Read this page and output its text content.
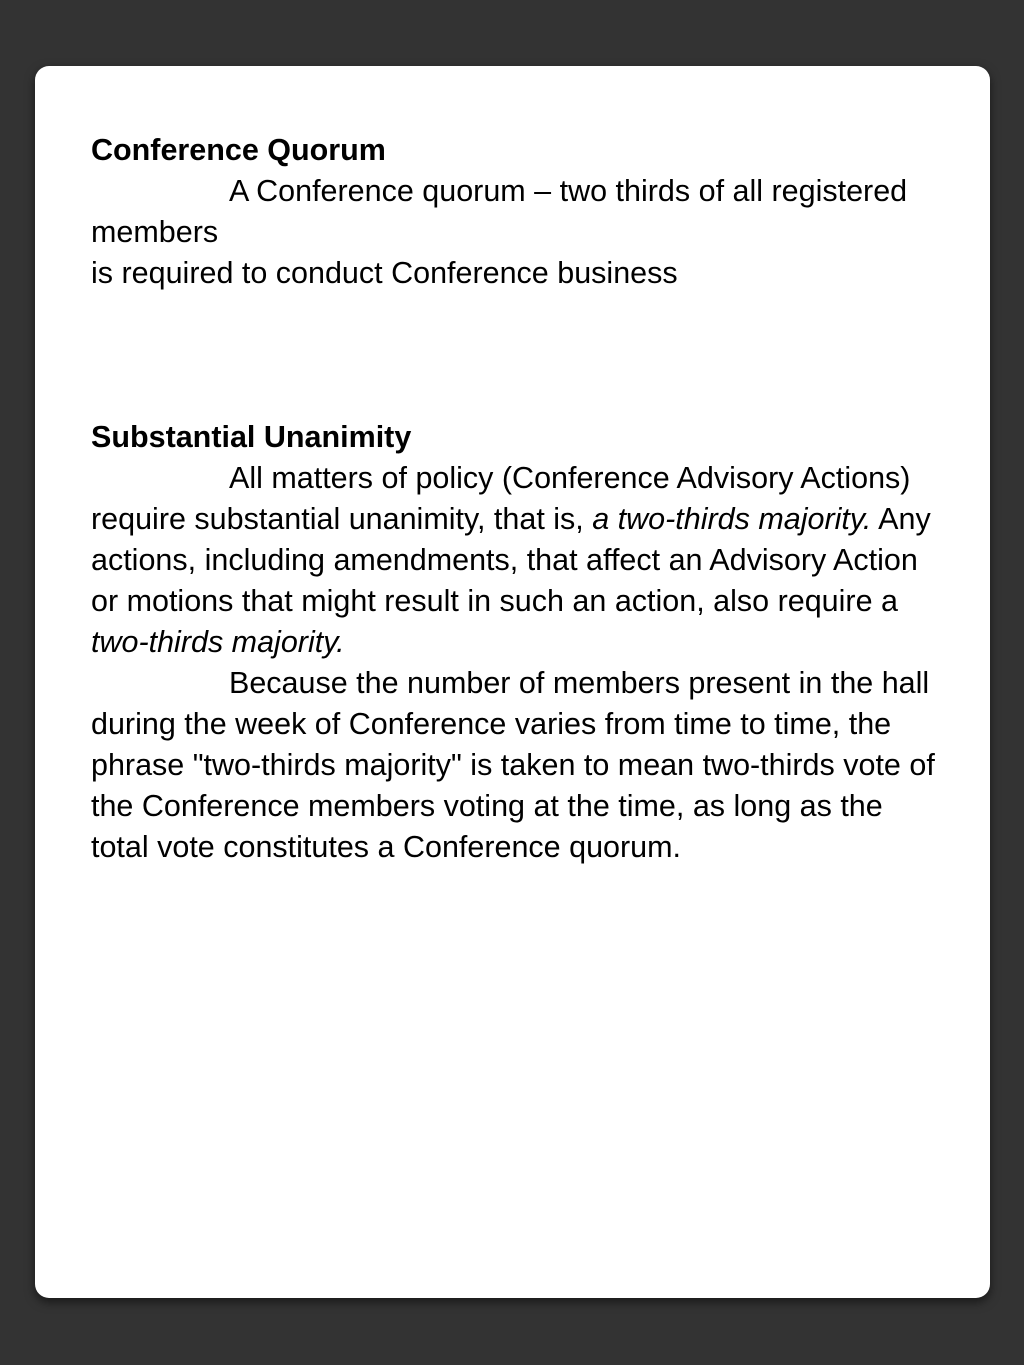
Conference Quorum

A Conference quorum – two thirds of all registered members

is required to conduct Conference business

Substantial Unanimity

All matters of policy (Conference Advisory Actions) require substantial unanimity, that is, a two-thirds majority. Any actions, including amendments, that affect an Advisory Action or motions that might result in such an action, also require a two-thirds majority.

Because the number of members present in the hall during the week of Conference varies from time to time, the phrase "two-thirds majority" is taken to mean two-thirds vote of the Conference members voting at the time, as long as the total vote constitutes a Conference quorum.
